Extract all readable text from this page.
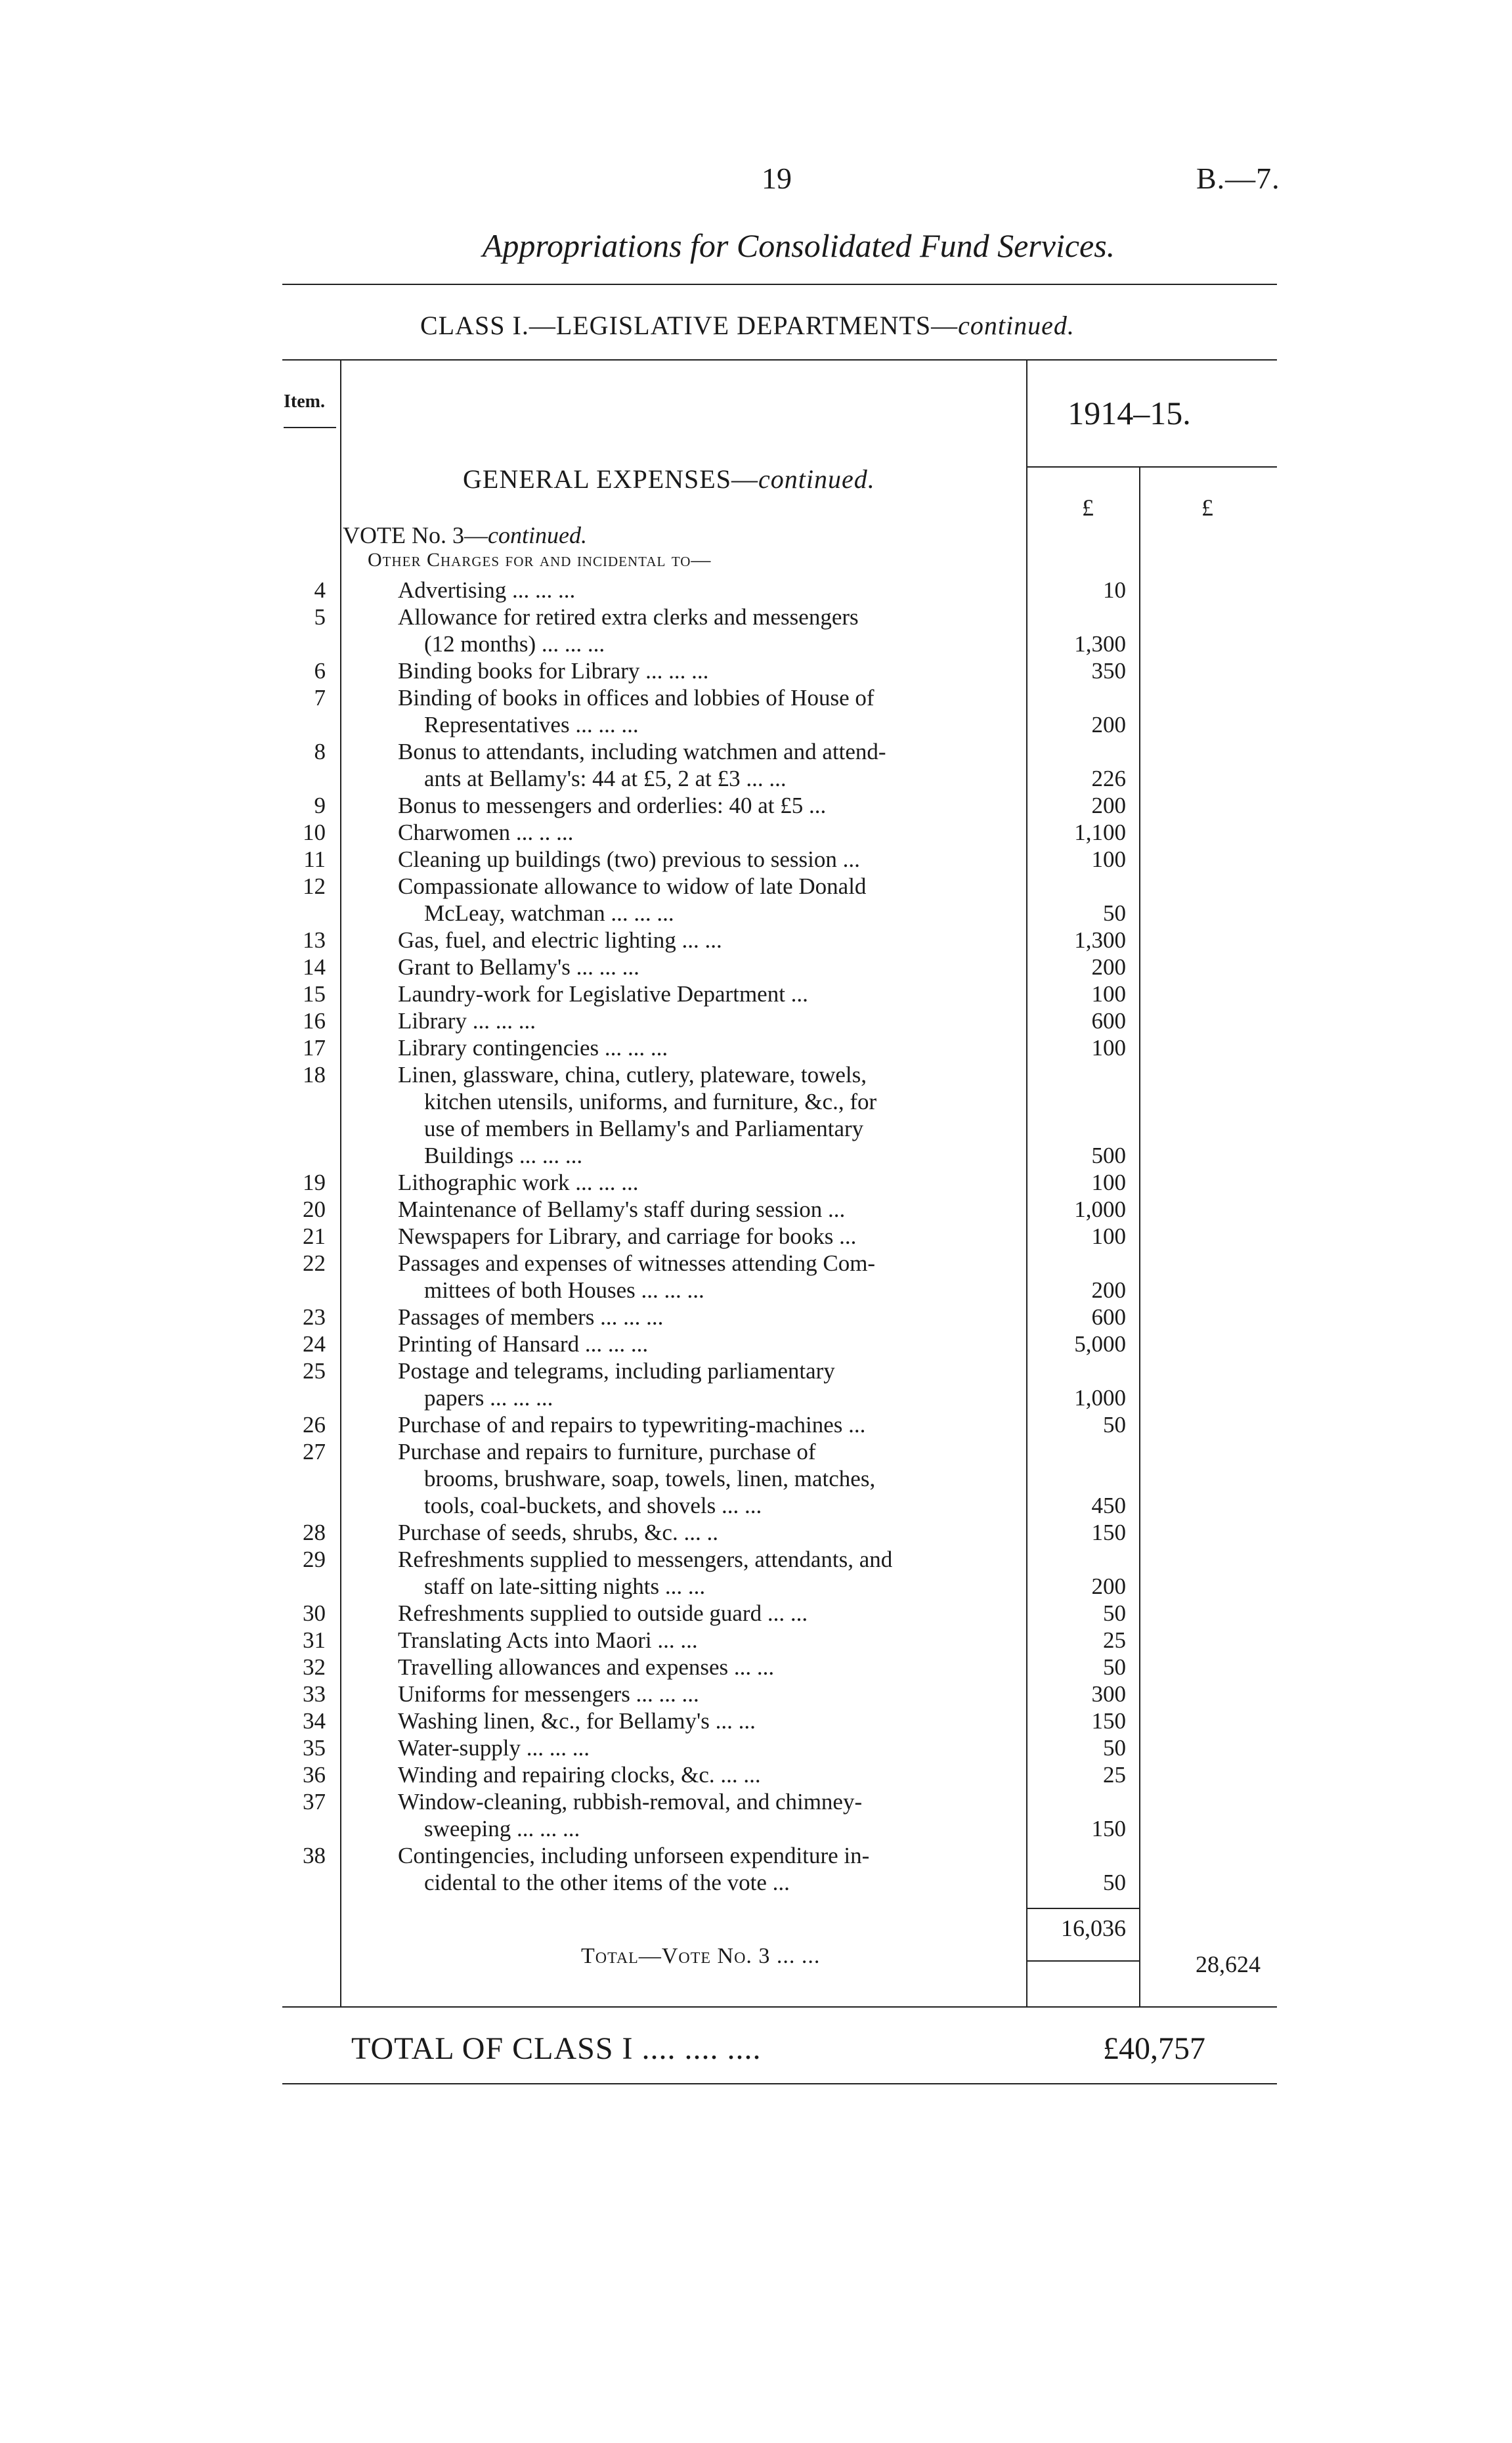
19	B.—7.
Appropriations for Consolidated Fund Services.
CLASS I.—LEGISLATIVE DEPARTMENTS—continued.
Item.	1914–15.
£	£
GENERAL EXPENSES—continued.
VOTE No. 3—continued.
Other Charges for and incidental to—
4	Advertising ... ... ...	10
5	Allowance for retired extra clerks and messengers
(12 months) ... ... ...	1,300
6	Binding books for Library ... ... ...	350
7	Binding of books in offices and lobbies of House of
Representatives ... ... ...	200
8	Bonus to attendants, including watchmen and attend-
ants at Bellamy's: 44 at £5, 2 at £3 ... ...	226
9	Bonus to messengers and orderlies: 40 at £5 ...	200
10	Charwomen ... .. ...	1,100
11	Cleaning up buildings (two) previous to session ...	100
12	Compassionate allowance to widow of late Donald
McLeay, watchman ... ... ...	50
13	Gas, fuel, and electric lighting ... ...	1,300
14	Grant to Bellamy's ... ... ...	200
15	Laundry-work for Legislative Department ...	100
16	Library ... ... ...	600
17	Library contingencies ... ... ...	100
18	Linen, glassware, china, cutlery, plateware, towels,
kitchen utensils, uniforms, and furniture, &c., for
use of members in Bellamy's and Parliamentary
Buildings ... ... ...	500
19	Lithographic work ... ... ...	100
20	Maintenance of Bellamy's staff during session ...	1,000
21	Newspapers for Library, and carriage for books ...	100
22	Passages and expenses of witnesses attending Com-
mittees of both Houses ... ... ...	200
23	Passages of members ... ... ...	600
24	Printing of Hansard ... ... ...	5,000
25	Postage and telegrams, including parliamentary
papers ... ... ...	1,000
26	Purchase of and repairs to typewriting-machines ...	50
27	Purchase and repairs to furniture, purchase of
brooms, brushware, soap, towels, linen, matches,
tools, coal-buckets, and shovels ... ...	450
28	Purchase of seeds, shrubs, &c. ... ..	150
29	Refreshments supplied to messengers, attendants, and
staff on late-sitting nights ... ...	200
30	Refreshments supplied to outside guard ... ...	50
31	Translating Acts into Maori ... ...	25
32	Travelling allowances and expenses ... ...	50
33	Uniforms for messengers ... ... ...	300
34	Washing linen, &c., for Bellamy's ... ...	150
35	Water-supply ... ... ...	50
36	Winding and repairing clocks, &c. ... ...	25
37	Window-cleaning, rubbish-removal, and chimney-
sweeping ... ... ...	150
38	Contingencies, including unforseen expenditure in-
cidental to the other items of the vote ...	50
16,036
Total—Vote No. 3 ... ...	28,624
TOTAL OF CLASS I .... .... ....	£40,757
